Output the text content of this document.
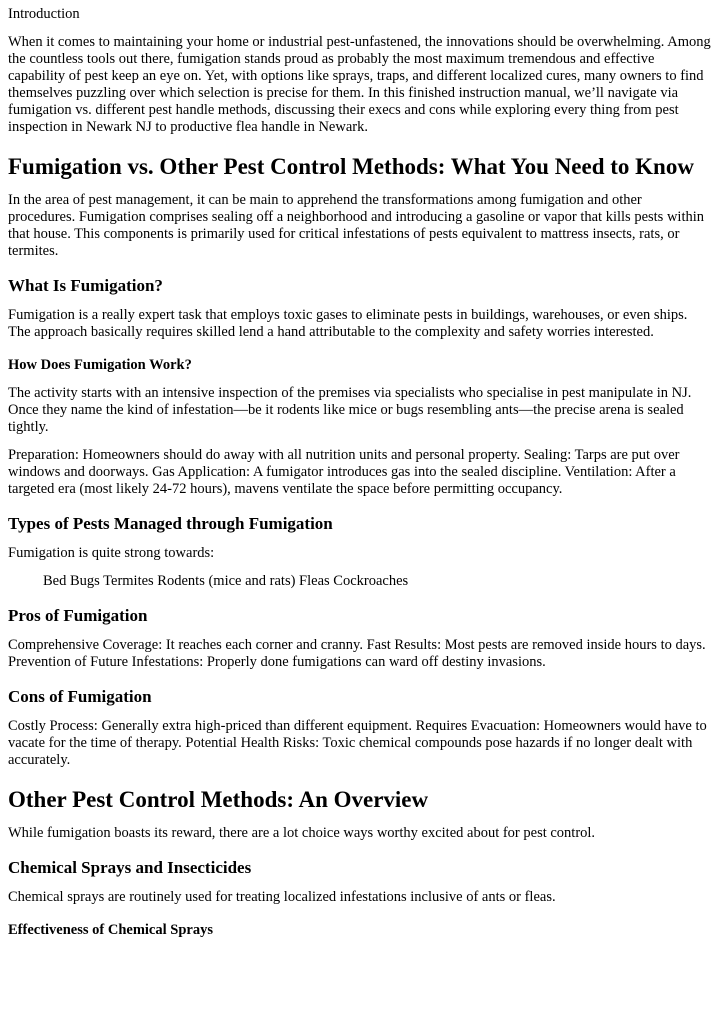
Introduction

When it comes to maintaining your home or industrial pest-unfastened, the innovations should be overwhelming. Among the countless tools out there, fumigation stands proud as probably the most maximum tremendous and effective capability of pest keep an eye on. Yet, with options like sprays, traps, and different localized cures, many owners to find themselves puzzling over which selection is precise for them. In this finished instruction manual, we’ll navigate via fumigation vs. different pest handle methods, discussing their execs and cons while exploring every thing from pest inspection in Newark NJ to productive flea handle in Newark.

Fumigation vs. Other Pest Control Methods: What You Need to Know

In the area of pest management, it can be main to apprehend the transformations among fumigation and other procedures. Fumigation comprises sealing off a neighborhood and introducing a gasoline or vapor that kills pests within that house. This components is primarily used for critical infestations of pests equivalent to mattress insects, rats, or termites.

What Is Fumigation?

Fumigation is a really expert task that employs toxic gases to eliminate pests in buildings, warehouses, or even ships. The approach basically requires skilled lend a hand attributable to the complexity and safety worries interested.

How Does Fumigation Work?

The activity starts with an intensive inspection of the premises via specialists who specialise in pest manipulate in NJ. Once they name the kind of infestation—be it rodents like mice or bugs resembling ants—the precise arena is sealed tightly.

Preparation: Homeowners should do away with all nutrition units and personal property. Sealing: Tarps are put over windows and doorways. Gas Application: A fumigator introduces gas into the sealed discipline. Ventilation: After a targeted era (most likely 24-72 hours), mavens ventilate the space before permitting occupancy.

Types of Pests Managed through Fumigation

Fumigation is quite strong towards:

Bed Bugs Termites Rodents (mice and rats) Fleas Cockroaches

Pros of Fumigation

Comprehensive Coverage: It reaches each corner and cranny. Fast Results: Most pests are removed inside hours to days. Prevention of Future Infestations: Properly done fumigations can ward off destiny invasions.

Cons of Fumigation

Costly Process: Generally extra high-priced than different equipment. Requires Evacuation: Homeowners would have to vacate for the time of therapy. Potential Health Risks: Toxic chemical compounds pose hazards if no longer dealt with accurately.

Other Pest Control Methods: An Overview

While fumigation boasts its reward, there are a lot choice ways worthy excited about for pest control.

Chemical Sprays and Insecticides

Chemical sprays are routinely used for treating localized infestations inclusive of ants or fleas.

Effectiveness of Chemical Sprays
